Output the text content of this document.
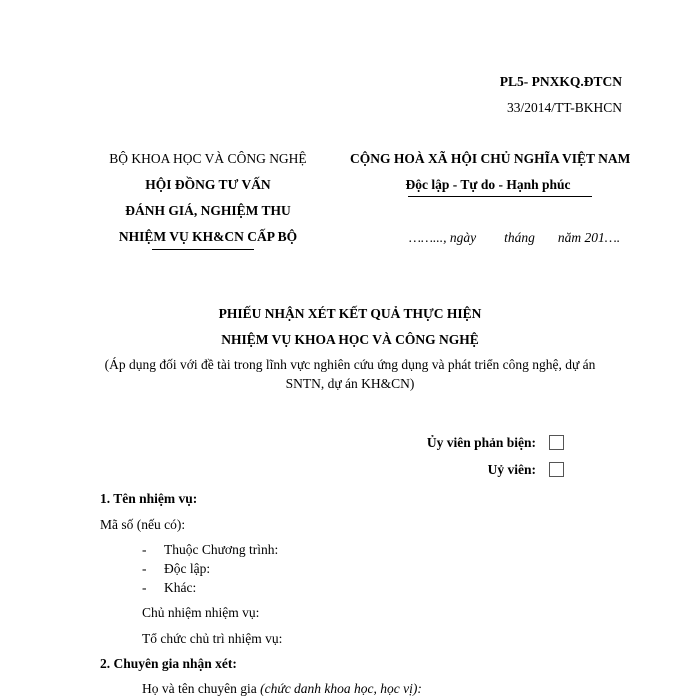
PL5- PNXKQ.ĐTCN
33/2014/TT-BKHCN
BỘ KHOA HỌC VÀ CÔNG NGHỆ
HỘI ĐỒNG TƯ VẤN
ĐÁNH GIÁ, NGHIỆM THU
NHIỆM VỤ KH&CN CẤP BỘ
CỘNG HOÀ XÃ HỘI CHỦ NGHĨA VIỆT NAM
Độc lập - Tự do - Hạnh phúc
……..., ngày tháng năm 201….
PHIẾU NHẬN XÉT KẾT QUẢ THỰC HIỆN
NHIỆM VỤ KHOA HỌC VÀ CÔNG NGHỆ
(Áp dụng đối với đề tài trong lĩnh vực nghiên cứu ứng dụng và phát triển công nghệ, dự án
SNTN, dự án KH&CN)
Ủy viên phản biện:
Uỷ viên:
1. Tên nhiệm vụ:
Mã số (nếu có):
- Thuộc Chương trình:
- Độc lập:
- Khác:
Chủ nhiệm nhiệm vụ:
Tổ chức chủ trì nhiệm vụ:
2. Chuyên gia nhận xét:
Họ và tên chuyên gia (chức danh khoa học, học vị):
